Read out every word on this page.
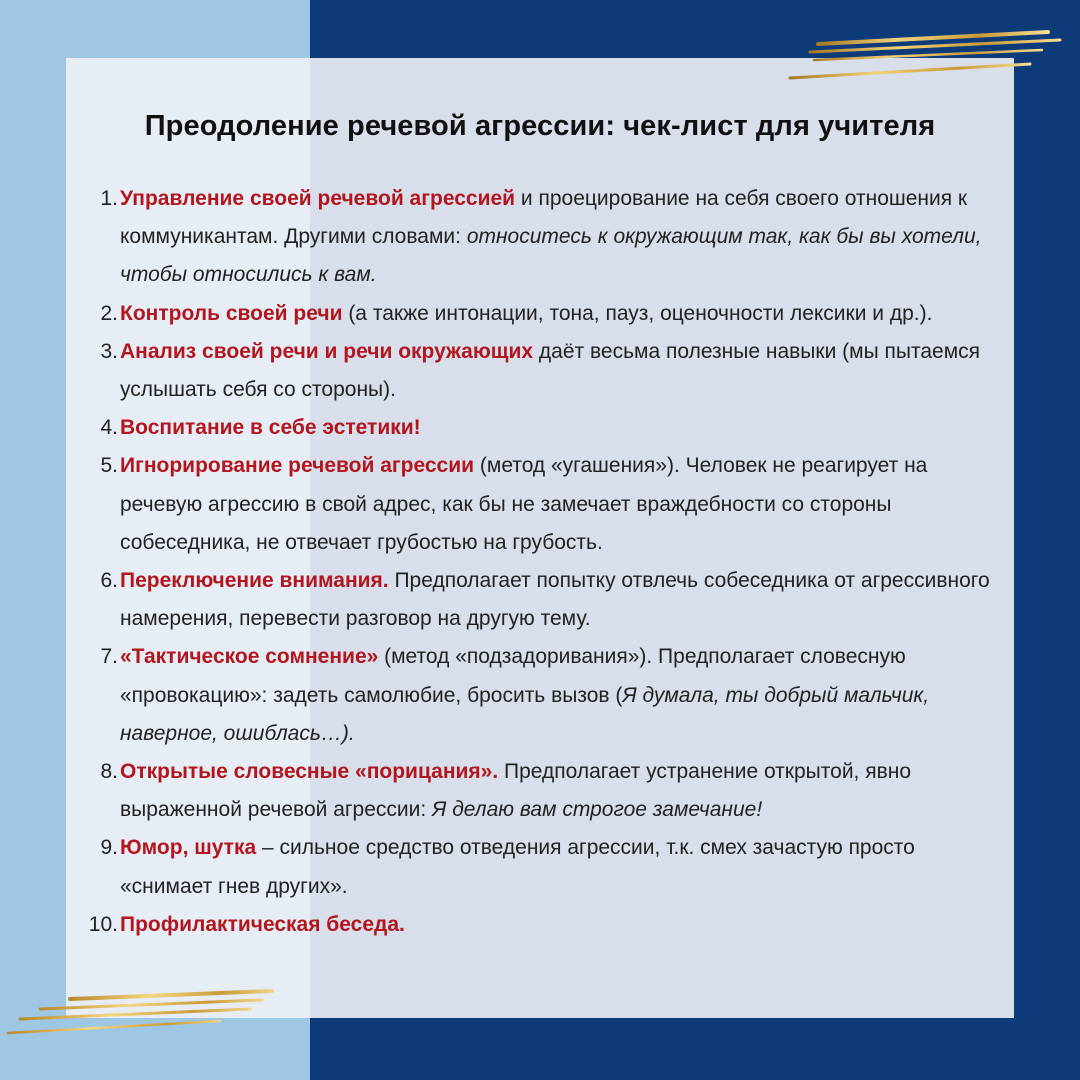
Преодоление речевой агрессии: чек-лист для учителя
1. Управление своей речевой агрессией и проецирование на себя своего отношения к коммуникантам. Другими словами: относитесь к окружающим так, как бы вы хотели, чтобы относились к вам.
2. Контроль своей речи (а также интонации, тона, пауз, оценочности лексики и др.).
3. Анализ своей речи и речи окружающих даёт весьма полезные навыки (мы пытаемся услышать себя со стороны).
4. Воспитание в себе эстетики!
5. Игнорирование речевой агрессии (метод «угашения»). Человек не реагирует на речевую агрессию в свой адрес, как бы не замечает враждебности со стороны собеседника, не отвечает грубостью на грубость.
6. Переключение внимания. Предполагает попытку отвлечь собеседника от агрессивного намерения, перевести разговор на другую тему.
7. «Тактическое сомнение» (метод «подзадоривания»). Предполагает словесную «провокацию»: задеть самолюбие, бросить вызов (Я думала, ты добрый мальчик, наверное, ошиблась…).
8. Открытые словесные «порицания». Предполагает устранение открытой, явно выраженной речевой агрессии: Я делаю вам строгое замечание!
9. Юмор, шутка – сильное средство отведения агрессии, т.к. смех зачастую просто «снимает гнев других».
10. Профилактическая беседа.
